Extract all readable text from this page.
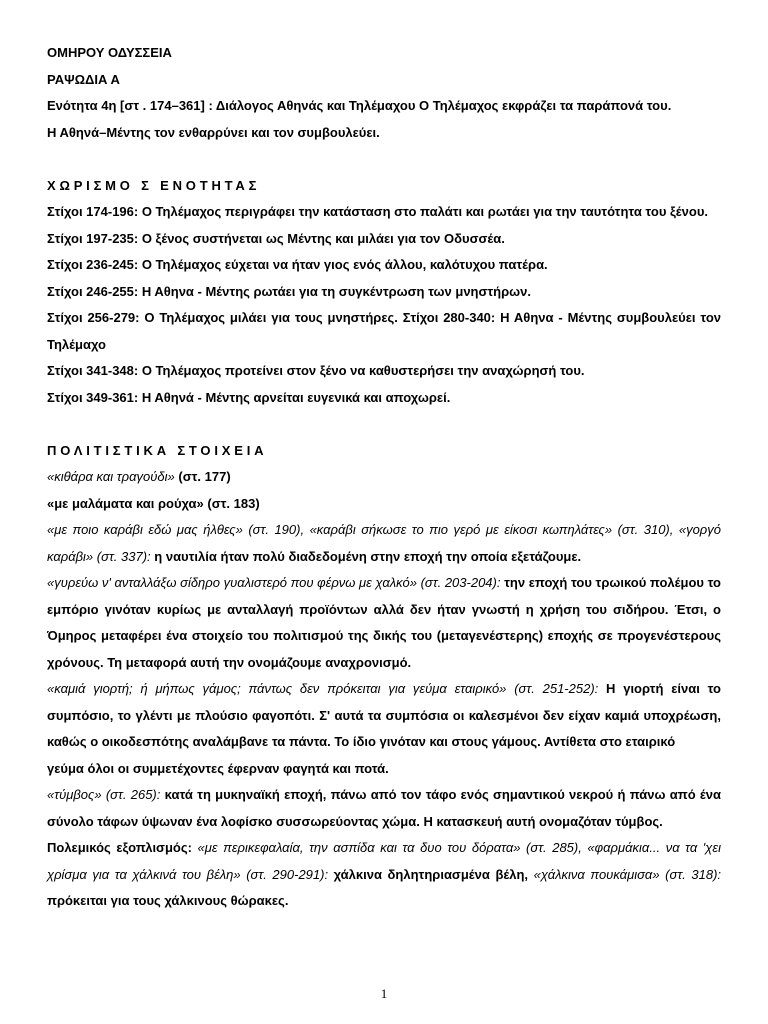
ΟΜΗΡΟΥ ΟΔΥΣΣΕΙΑ
ΡΑΨΩΔΙΑ Α
Ενότητα 4η [στ . 174–361] : Διάλογος Αθηνάς και Τηλέμαχου Ο Τηλέμαχος εκφράζει τα παράπονά του.
Η Αθηνά–Μέντης τον ενθαρρύνει και τον συμβουλεύει.
ΧΩΡΙΣΜΟ Σ ΕΝΟΤΗΤΑΣ
Στίχοι 174-196: Ο Τηλέμαχος περιγράφει την κατάσταση στο παλάτι και ρωτάει για την ταυτότητα του ξένου.
Στίχοι 197-235: Ο ξένος συστήνεται ως Μέντης και μιλάει για τον Οδυσσέα.
Στίχοι 236-245: Ο Τηλέμαχος εύχεται να ήταν γιος ενός άλλου, καλότυχου πατέρα.
Στίχοι 246-255: Η Αθηνα - Μέντης ρωτάει για τη συγκέντρωση των μνηστήρων.
Στίχοι 256-279: Ο Τηλέμαχος μιλάει για τους μνηστήρες. Στίχοι 280-340: Η Αθηνα - Μέντης συμβουλεύει τον Τηλέμαχο
Στίχοι 341-348: Ο Τηλέμαχος προτείνει στον ξένο να καθυστερήσει την αναχώρησή του.
Στίχοι 349-361: Η Αθηνά - Μέντης αρνείται ευγενικά και αποχωρεί.
ΠΟΛΙΤΙΣΤΙΚΑ ΣΤΟΙΧΕΙΑ
«κιθάρα και τραγούδι» (στ. 177)
«με μαλάματα και ρούχα» (στ. 183)
«με ποιο καράβι εδώ μας ήλθες» (στ. 190), «καράβι σήκωσε το πιο γερό με είκοσι κωπηλάτες» (στ. 310), «γοργό καράβι» (στ. 337): η ναυτιλία ήταν πολύ διαδεδομένη στην εποχή την οποία εξετάζουμε.
«γυρεύω ν' ανταλλάξω σίδηρο γυαλιστερό που φέρνω με χαλκό» (στ. 203-204): την εποχή του τρωικού πολέμου το εμπόριο γινόταν κυρίως με ανταλλαγή προϊόντων αλλά δεν ήταν γνωστή η χρήση του σιδήρου. Έτσι, ο Όμηρος μεταφέρει ένα στοιχείο του πολιτισμού της δικής του (μεταγενέστερης) εποχής σε προγενέστερους χρόνους. Τη μεταφορά αυτή την ονομάζουμε αναχρονισμό.
«καμιά γιορτή; ή μήπως γάμος; πάντως δεν πρόκειται για γεύμα εταιρικό» (στ. 251-252): Η γιορτή είναι το συμπόσιο, το γλέντι με πλούσιο φαγοπότι. Σ' αυτά τα συμπόσια οι καλεσμένοι δεν είχαν καμιά υποχρέωση, καθώς ο οικοδεσπότης αναλάμβανε τα πάντα. Το ίδιο γινόταν και στους γάμους. Αντίθετα στο εταιρικό
γεύμα όλοι οι συμμετέχοντες έφερναν φαγητά και ποτά.
«τύμβος» (στ. 265): κατά τη μυκηναϊκή εποχή, πάνω από τον τάφο ενός σημαντικού νεκρού ή πάνω από ένα σύνολο τάφων ύψωναν ένα λοφίσκο συσσωρεύοντας χώμα. Η κατασκευή αυτή ονομαζόταν τύμβος.
Πολεμικός εξοπλισμός: «με περικεφαλαία, την ασπίδα και τα δυο του δόρατα» (στ. 285), «φαρμάκια... να τα 'χει χρίσμα για τα χάλκινά του βέλη» (στ. 290-291): χάλκινα δηλητηριασμένα βέλη, «χάλκινα πουκάμισα» (στ. 318): πρόκειται για τους χάλκινους θώρακες.
1
